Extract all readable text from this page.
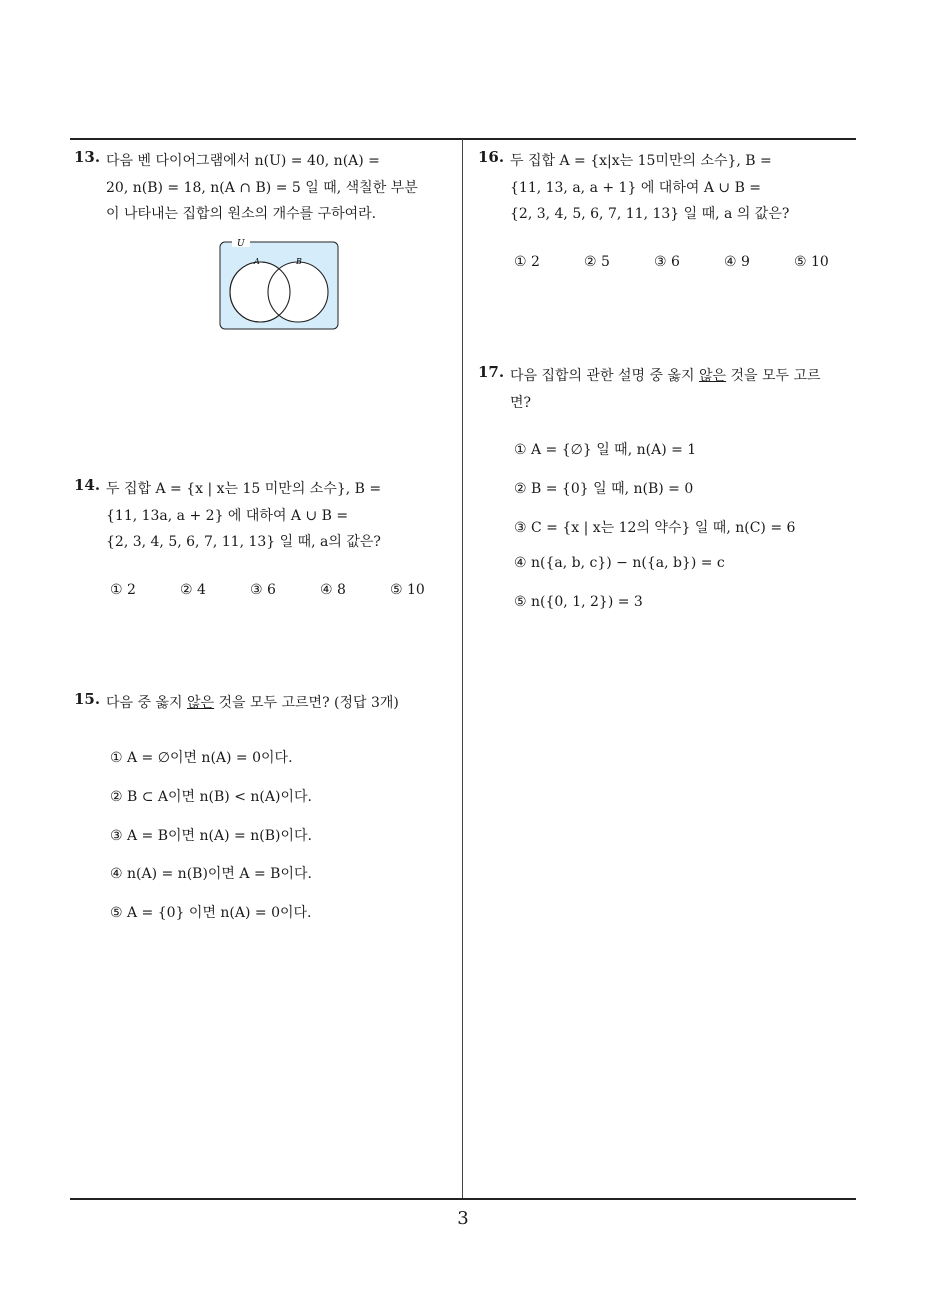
13. 다음 벤 다이어그램에서 n(U) = 40, n(A) =
20, n(B) = 18, n(A ∩ B) = 5 일 때, 색칠한 부분
이 나타내는 집합의 원소의 개수를 구하여라.
U
A	B
14. 두 집합 A = {x | x는 15 미만의 소수}, B =
{11, 13a, a + 2} 에 대하여 A ∪ B =
{2, 3, 4, 5, 6, 7, 11, 13} 일 때, a의 값은?
① 2	② 4	③ 6	④ 8	⑤ 10
15. 다음 중 옳지 않은 것을 모두 고르면? (정답 3개)
① A = ∅이면 n(A) = 0이다.
② B ⊂ A이면 n(B) < n(A)이다.
③ A = B이면 n(A) = n(B)이다.
④ n(A) = n(B)이면 A = B이다.
⑤ A = {0} 이면 n(A) = 0이다.
16. 두 집합 A = {x|x는 15미만의 소수}, B =
{11, 13, a, a + 1} 에 대하여 A ∪ B =
{2, 3, 4, 5, 6, 7, 11, 13} 일 때, a 의 값은?
① 2	② 5	③ 6	④ 9	⑤ 10
17. 다음 집합의 관한 설명 중 옳지 않은 것을 모두 고르
면?
① A = {∅} 일 때, n(A) = 1
② B = {0} 일 때, n(B) = 0
③ C = {x | x는 12의 약수} 일 때, n(C) = 6
④ n({a, b, c}) − n({a, b}) = c
⑤ n({0, 1, 2}) = 3
3
